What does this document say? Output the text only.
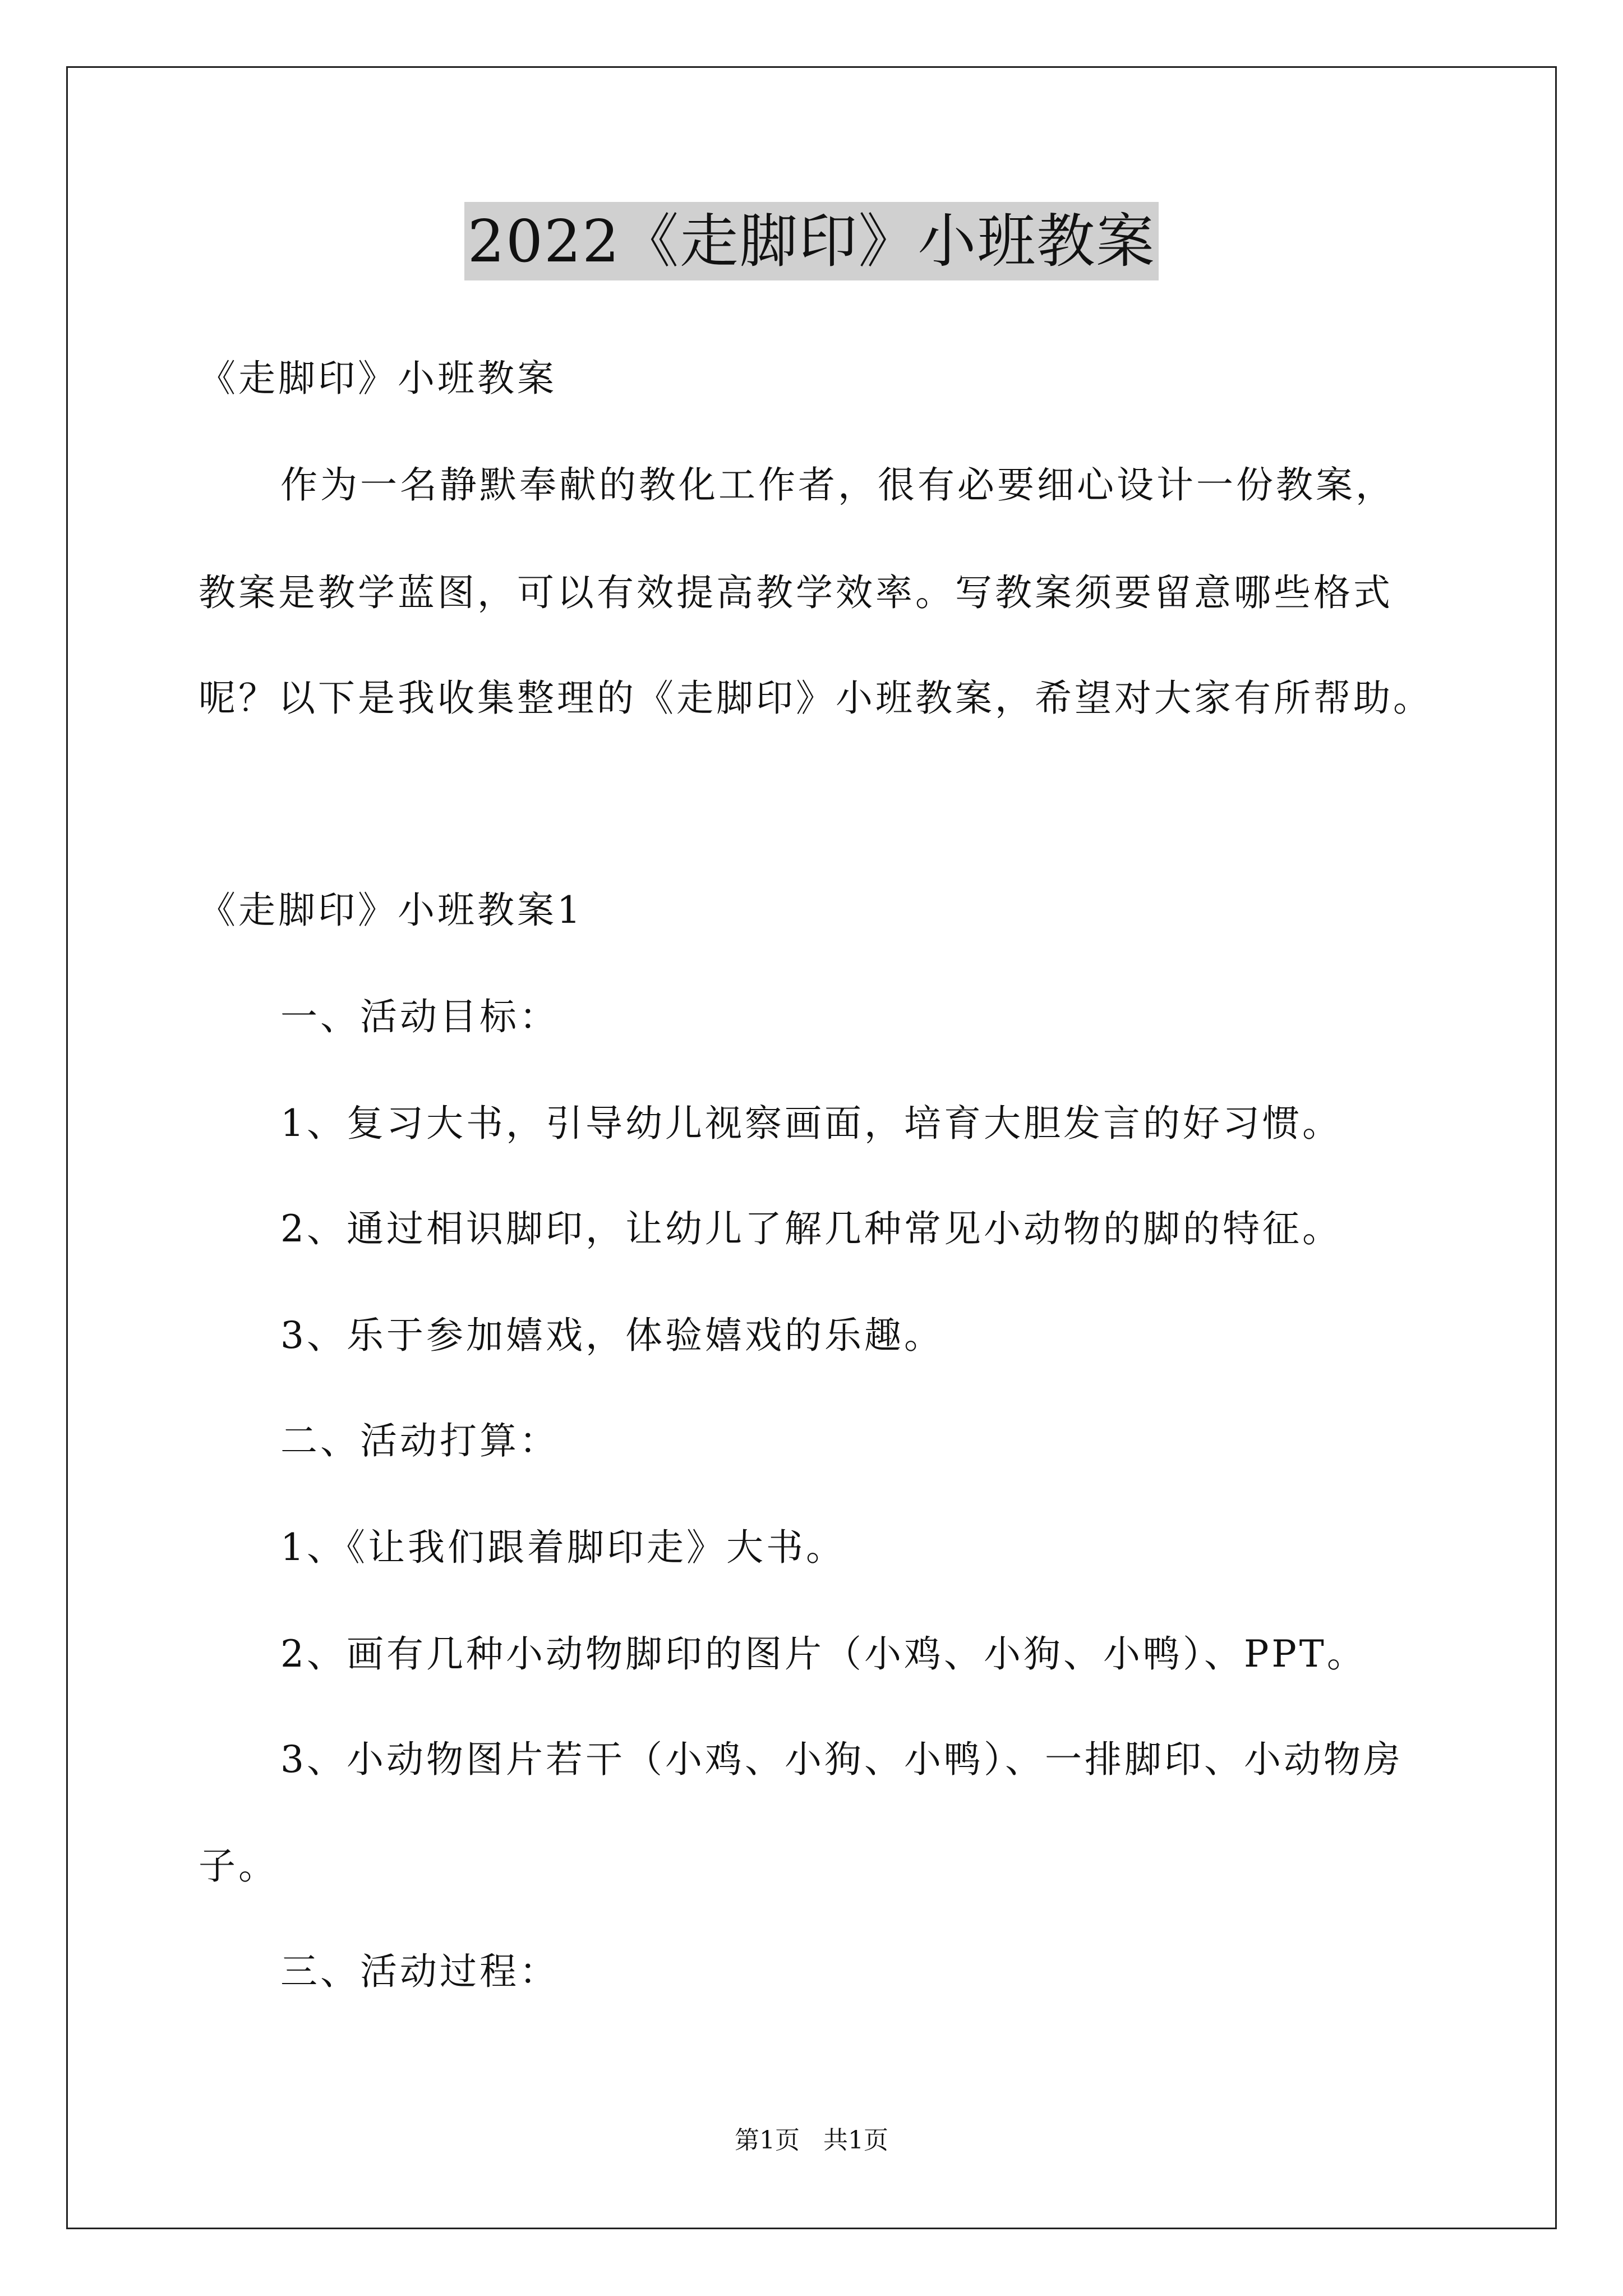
2022《走脚印》小班教案
《走脚印》小班教案
作为一名静默奉献的教化工作者，很有必要细心设计一份教案，
教案是教学蓝图，可以有效提高教学效率。写教案须要留意哪些格式
呢？以下是我收集整理的《走脚印》小班教案，希望对大家有所帮助。
《走脚印》小班教案1
一、活动目标：
1、复习大书，引导幼儿视察画面，培育大胆发言的好习惯。
2、通过相识脚印，让幼儿了解几种常见小动物的脚的特征。
3、乐于参加嬉戏，体验嬉戏的乐趣。
二、活动打算：
1、《让我们跟着脚印走》大书。
2、画有几种小动物脚印的图片（小鸡、小狗、小鸭）、PPT。
3、小动物图片若干（小鸡、小狗、小鸭）、一排脚印、小动物房
子。
三、活动过程：
第1页   共1页
